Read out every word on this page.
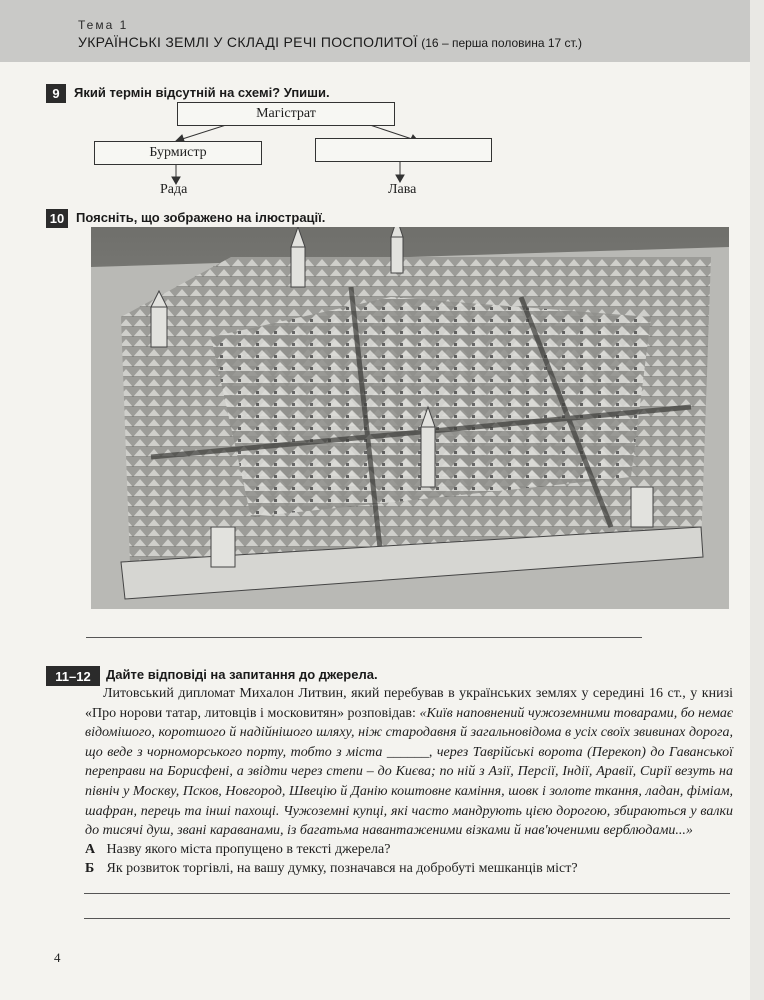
Тема 1
УКРАЇНСЬКІ ЗЕМЛІ У СКЛАДІ РЕЧІ ПОСПОЛИТОЇ (16 – перша половина 17 ст.)
9	Який термін відсутній на схемі? Упиши.
Магістрат
Бурмистр
Рада	Лава
10 Поясніть, що зображено на ілюстрації.
11–12	Дайте відповіді на запитання до джерела.
Литовський дипломат Михалон Литвин, який перебував в українських землях у середині 16 ст., у книзі «Про норови татар, литовців і московитян» розповідав: «Київ наповнений чужоземними товарами, бо немає відомішого, коротшого й надійнішого шляху, ніж стародавня й загальновідома в усіх своїх звивинах дорога, що веде з чорноморського порту, тобто з міста ______, через Таврійські ворота (Перекоп) до Гаванської переправи на Борисфені, а звідти через степи – до Києва; по ній з Азії, Персії, Індії, Аравії, Сирії везуть на північ у Москву, Псков, Новгород, Швецію й Данію коштовне каміння, шовк і золоте ткання, ладан, фіміам, шафран, перець та інші пахощі. Чужоземні купці, які часто мандрують цією дорогою, збираються у валки до тисячі душ, звані караванами, із багатьма навантаженими візками й нав'юченими верблюдами...»
А Назву якого міста пропущено в тексті джерела?
Б Як розвиток торгівлі, на вашу думку, позначався на добробуті мешканців міст?
4
